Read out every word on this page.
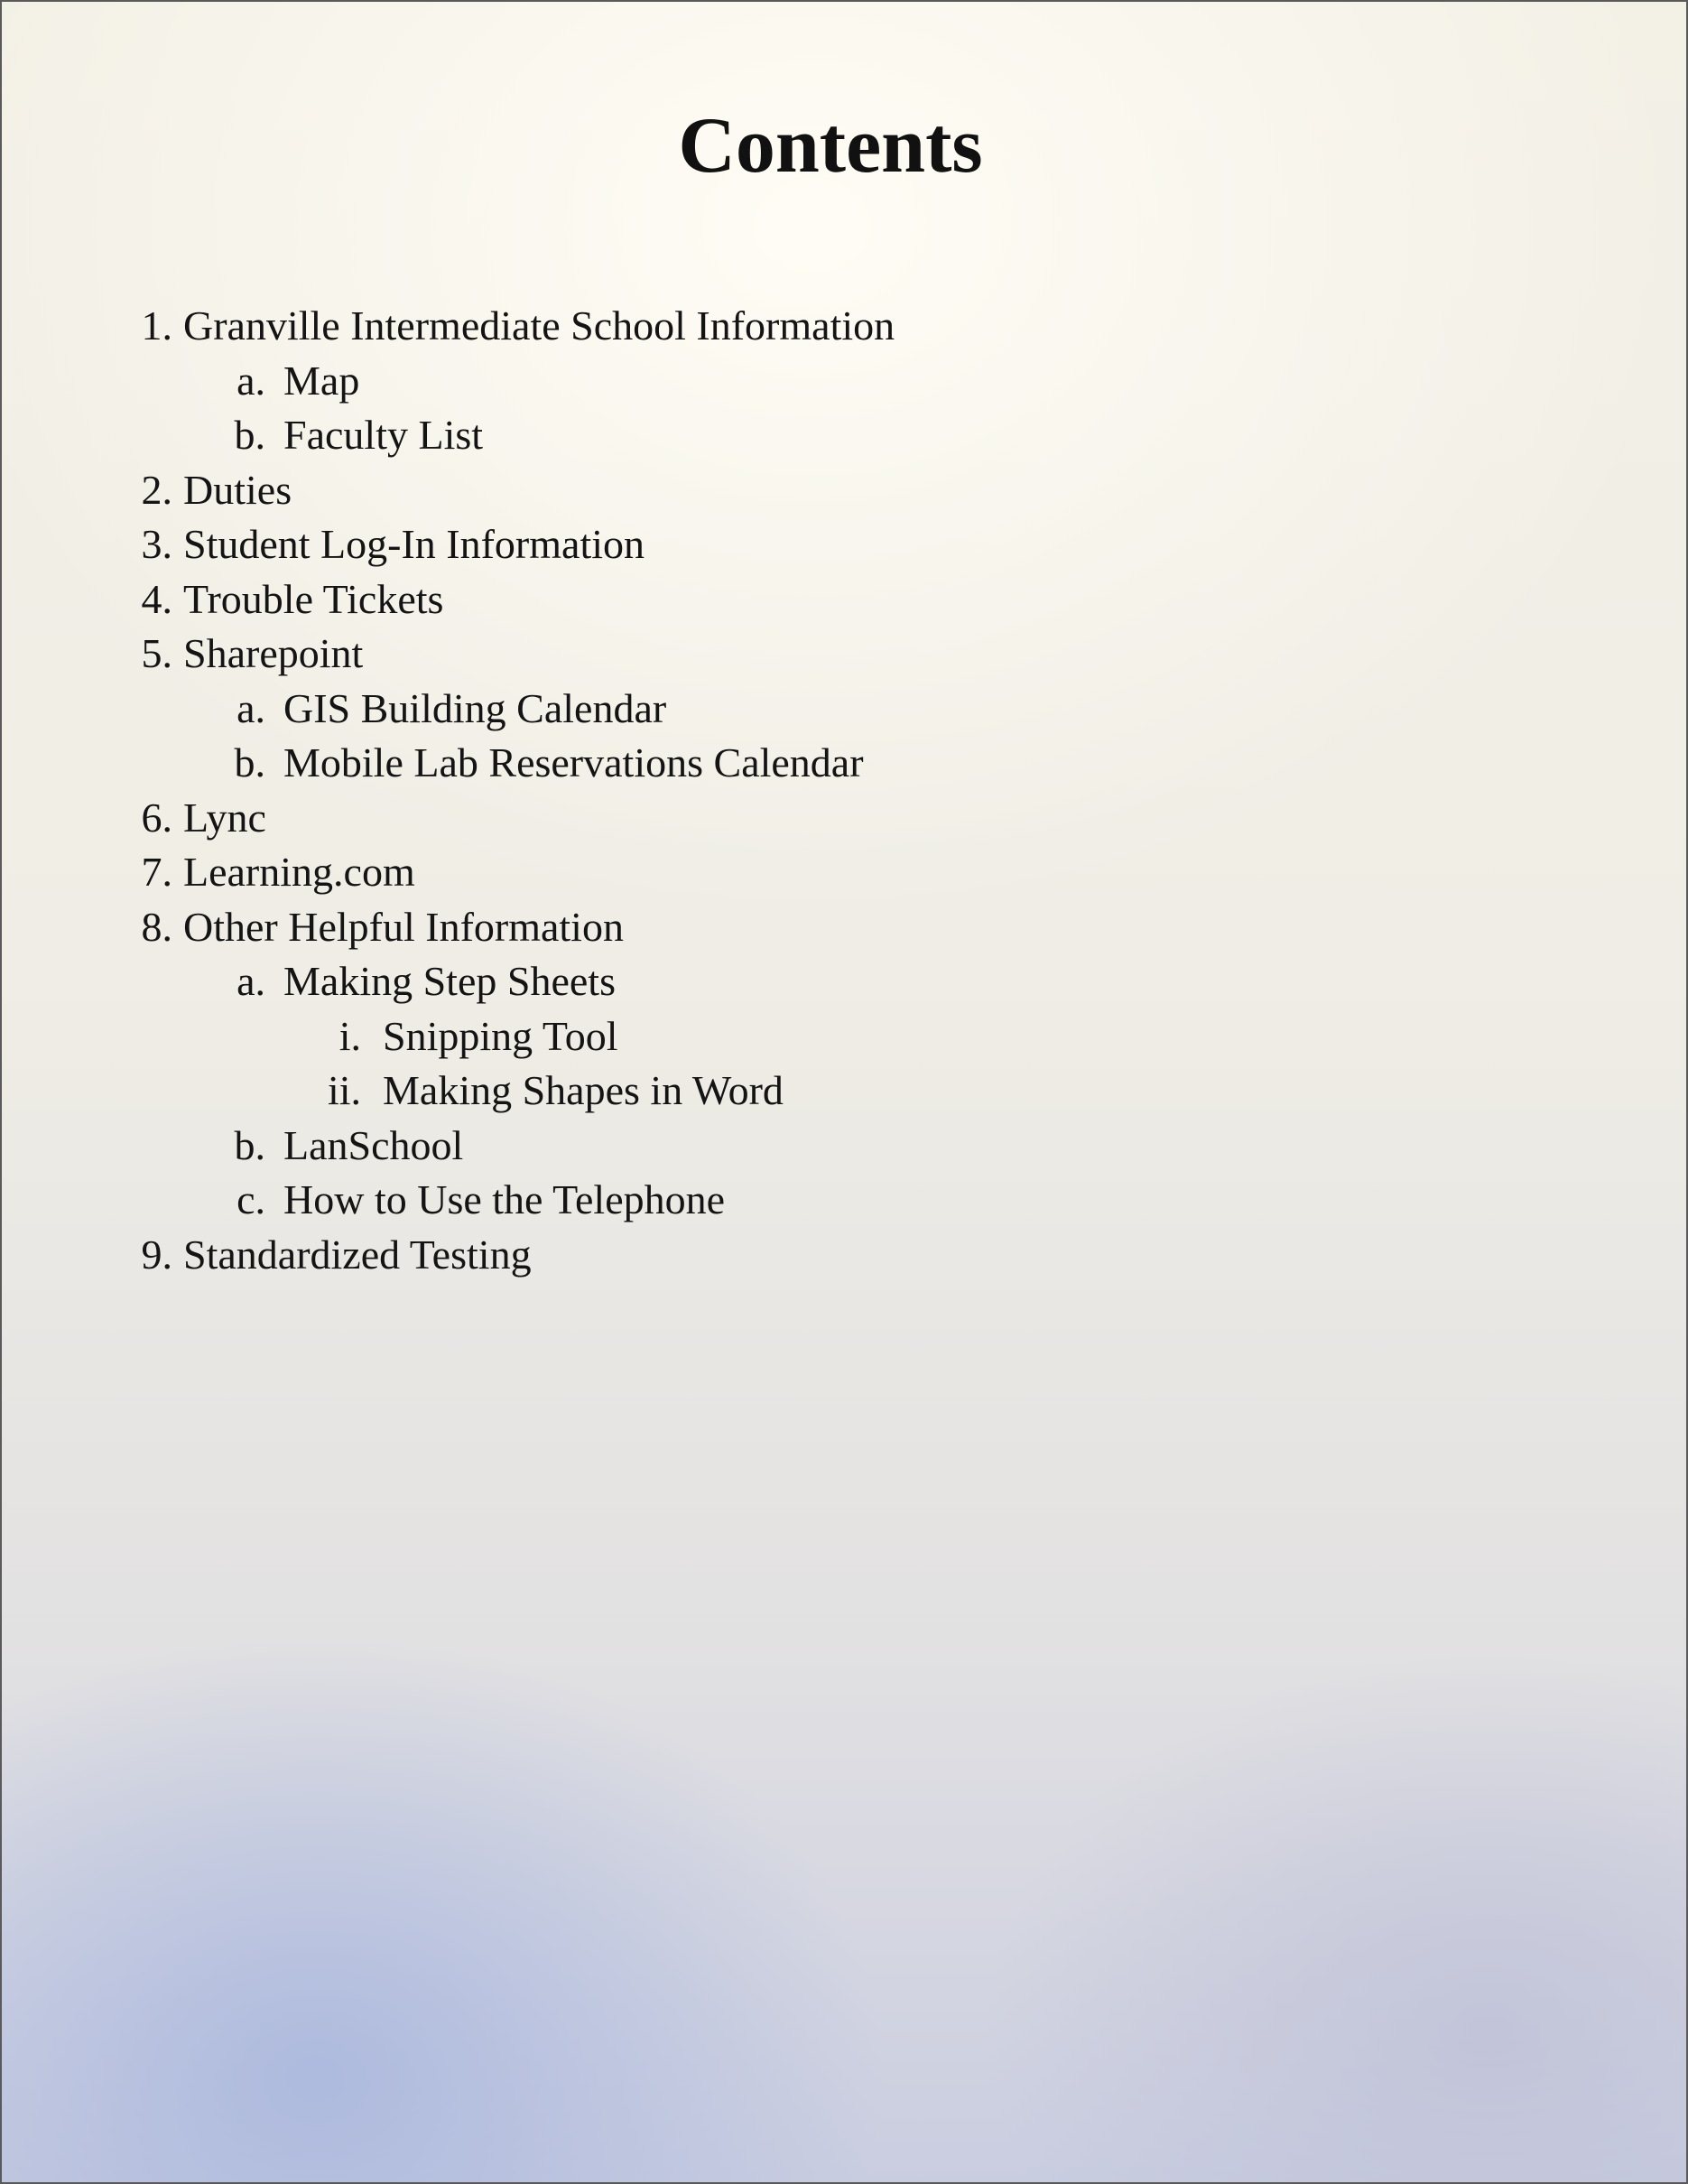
Contents
1. Granville Intermediate School Information
a. Map
b. Faculty List
2. Duties
3. Student Log-In Information
4. Trouble Tickets
5. Sharepoint
a. GIS Building Calendar
b. Mobile Lab Reservations Calendar
6. Lync
7. Learning.com
8. Other Helpful Information
a. Making Step Sheets
i. Snipping Tool
ii. Making Shapes in Word
b. LanSchool
c. How to Use the Telephone
9. Standardized Testing
